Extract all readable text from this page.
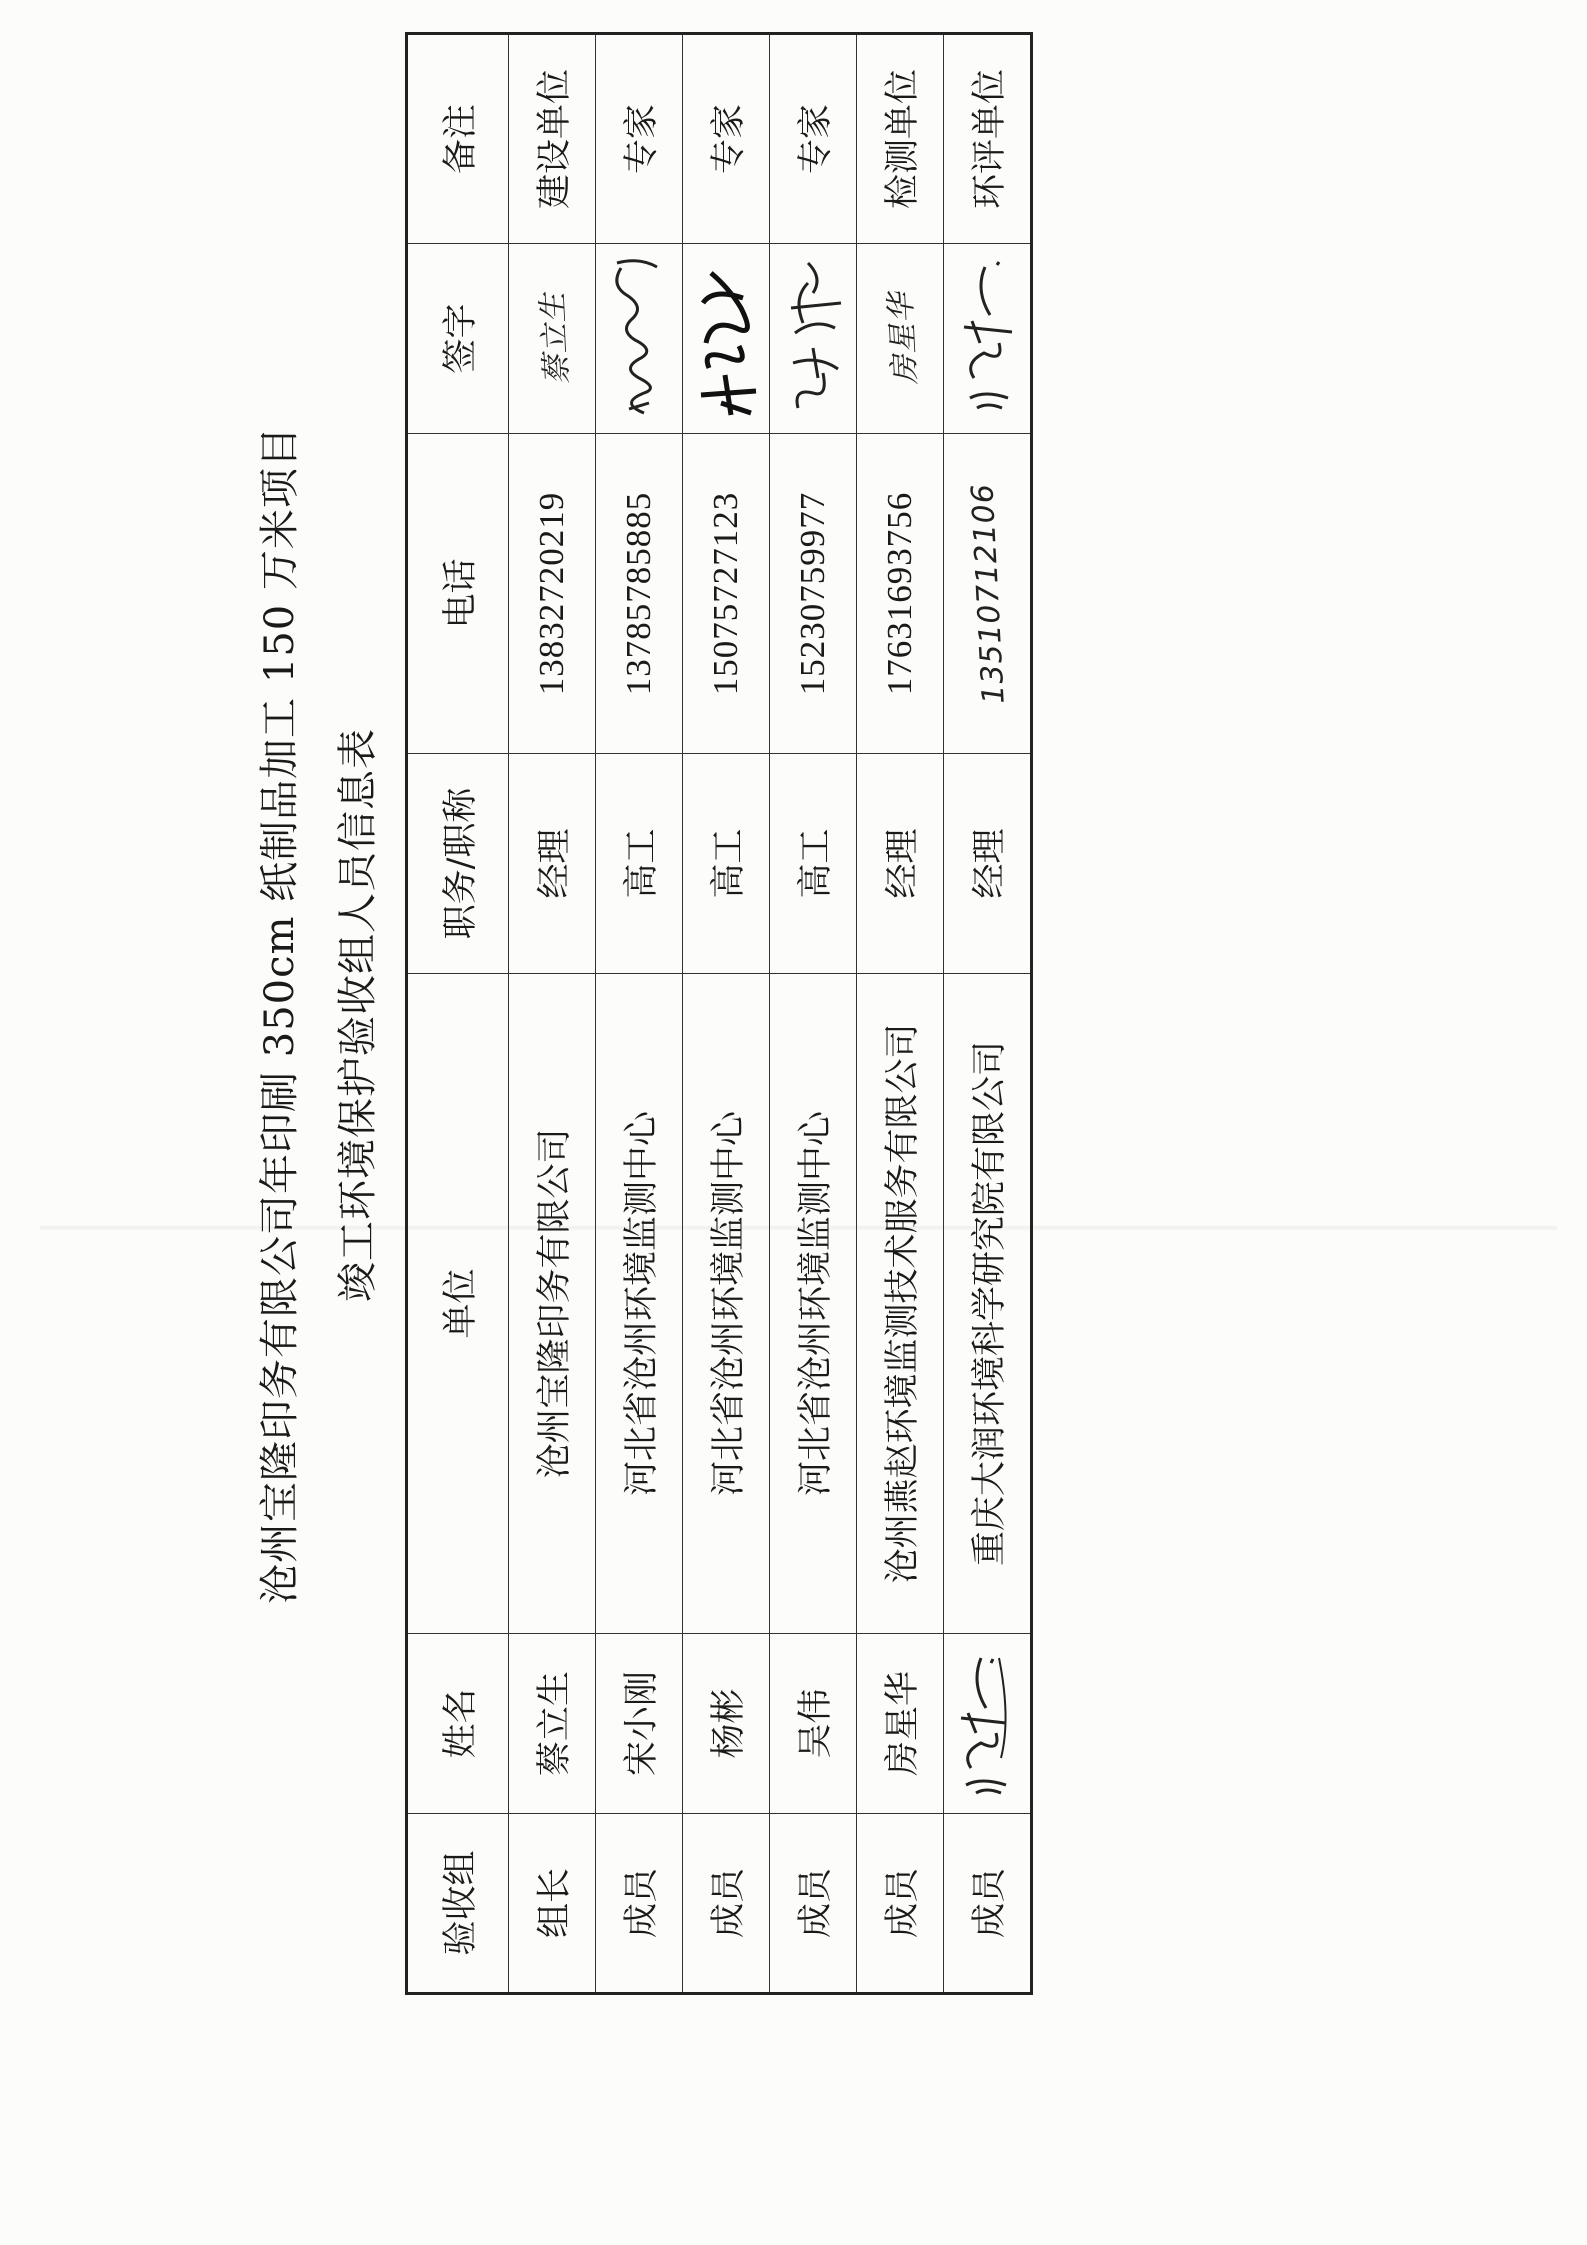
沧州宝隆印务有限公司年印刷 350cm 纸制品加工 150 万米项目 竣工环境保护验收组人员信息表
验收组	姓名	单位	职务/职称	电话	签字	备注
组长	蔡立生	沧州宝隆印务有限公司	经理	13832720219	蔡立生	建设单位
成员	宋小刚	河北省沧州环境监测中心	高工	13785785885		专家
成员	杨彬	河北省沧州环境监测中心	高工	15075727123		专家
成员	吴伟	河北省沧州环境监测中心	高工	15230759977		专家
成员	房星华	沧州燕赵环境监测技术服务有限公司	经理	17631693756	房星华	检测单位
成员		重庆大润环境科学研究院有限公司	经理	13510712106		环评单位
